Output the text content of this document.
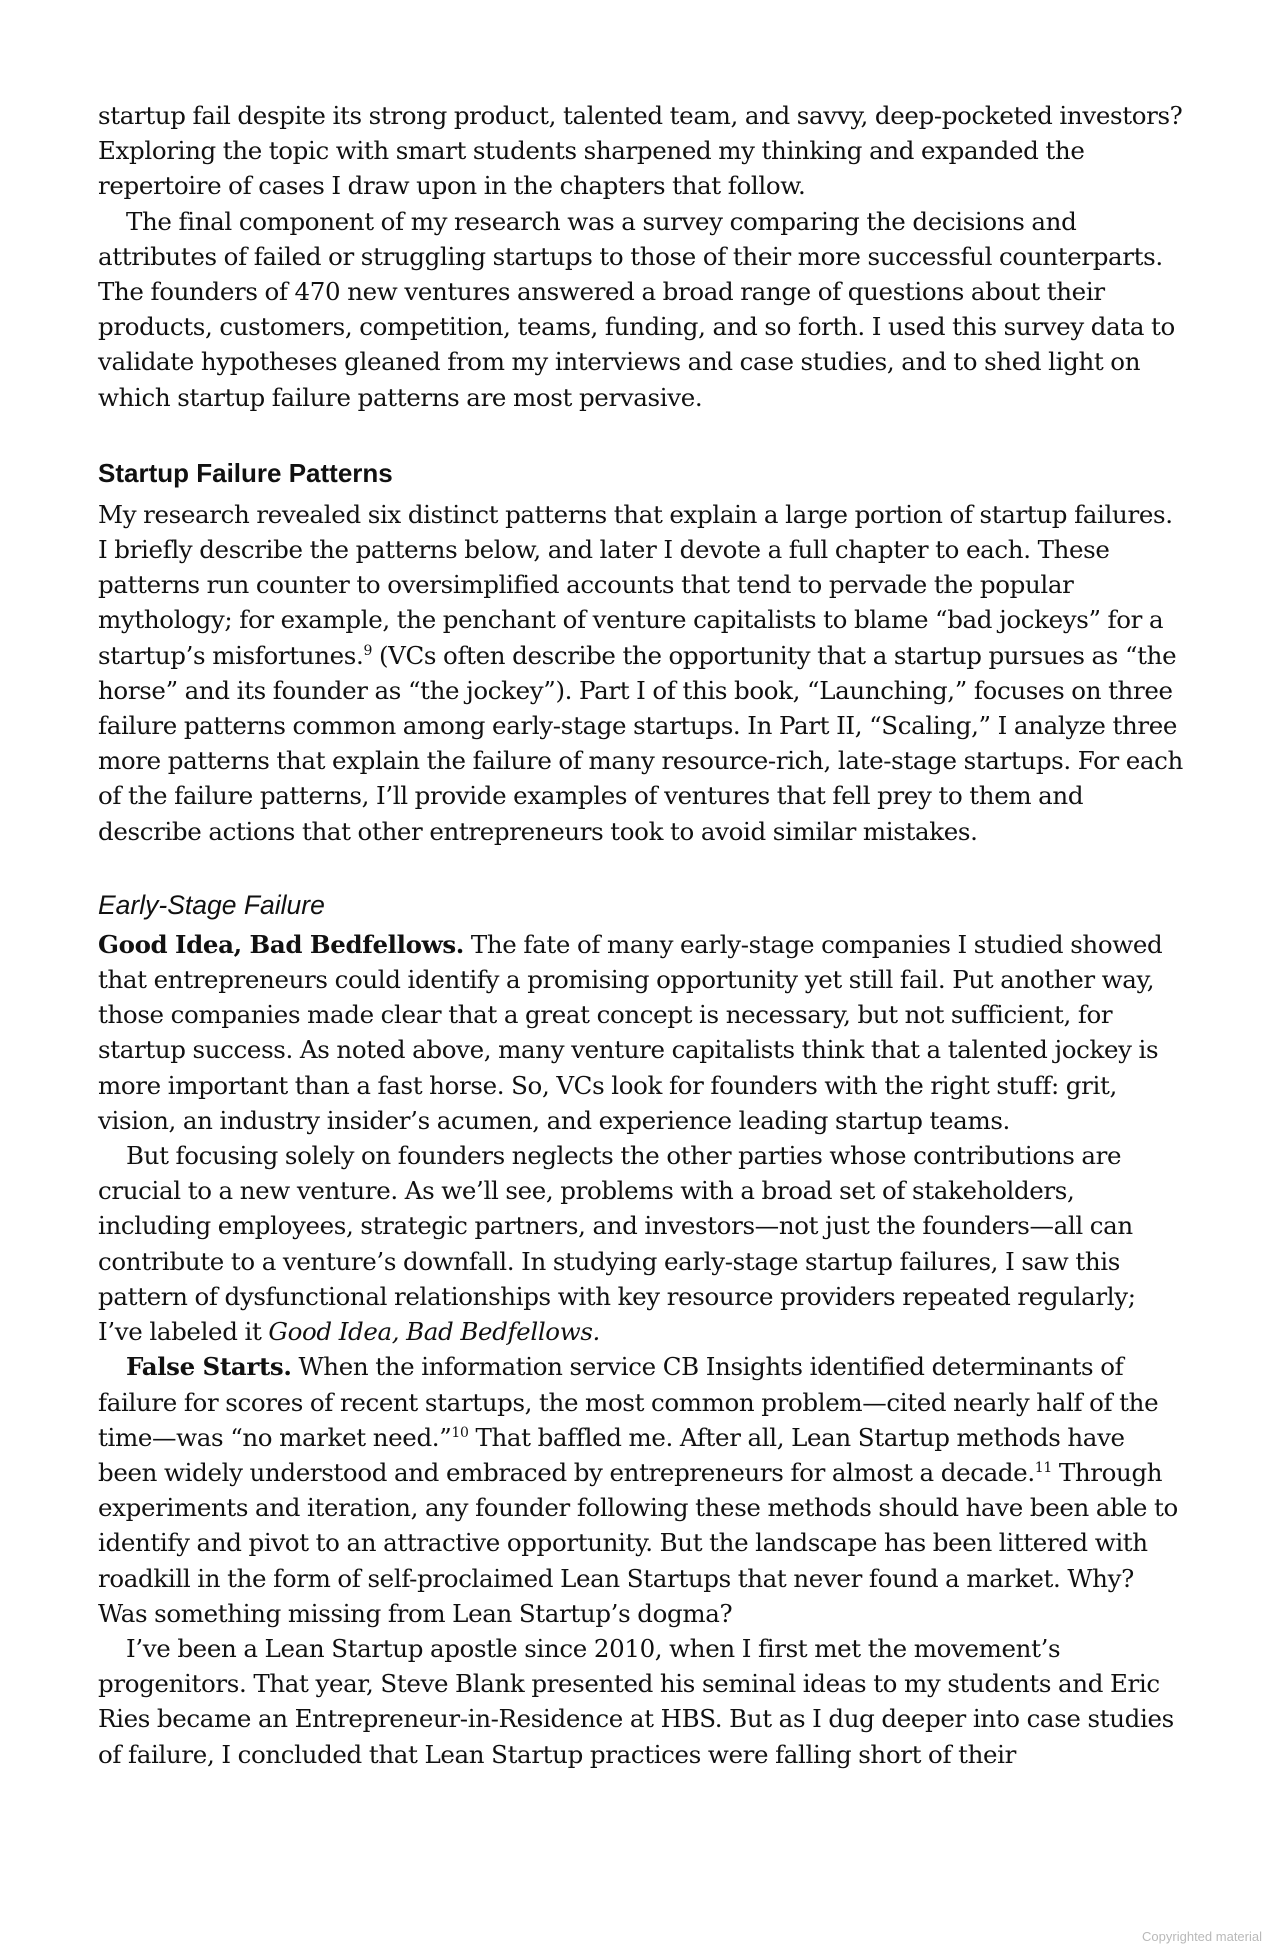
startup fail despite its strong product, talented team, and savvy, deep-pocketed investors? Exploring the topic with smart students sharpened my thinking and expanded the repertoire of cases I draw upon in the chapters that follow.

The final component of my research was a survey comparing the decisions and attributes of failed or struggling startups to those of their more successful counterparts. The founders of 470 new ventures answered a broad range of questions about their products, customers, competition, teams, funding, and so forth. I used this survey data to validate hypotheses gleaned from my interviews and case studies, and to shed light on which startup failure patterns are most pervasive.

Startup Failure Patterns

My research revealed six distinct patterns that explain a large portion of startup failures. I briefly describe the patterns below, and later I devote a full chapter to each. These patterns run counter to oversimplified accounts that tend to pervade the popular mythology; for example, the penchant of venture capitalists to blame “bad jockeys” for a startup’s misfortunes.$^9$ (VCs often describe the opportunity that a startup pursues as “the horse” and its founder as “the jockey”). Part I of this book, “Launching,” focuses on three failure patterns common among early-stage startups. In Part II, “Scaling,” I analyze three more patterns that explain the failure of many resource-rich, late-stage startups. For each of the failure patterns, I’ll provide examples of ventures that fell prey to them and describe actions that other entrepreneurs took to avoid similar mistakes.

Early-Stage Failure

Good Idea, Bad Bedfellows. The fate of many early-stage companies I studied showed that entrepreneurs could identify a promising opportunity yet still fail. Put another way, those companies made clear that a great concept is necessary, but not sufficient, for startup success. As noted above, many venture capitalists think that a talented jockey is more important than a fast horse. So, VCs look for founders with the right stuff: grit, vision, an industry insider’s acumen, and experience leading startup teams.

But focusing solely on founders neglects the other parties whose contributions are crucial to a new venture. As we’ll see, problems with a broad set of stakeholders, including employees, strategic partners, and investors—not just the founders—all can contribute to a venture’s downfall. In studying early-stage startup failures, I saw this pattern of dysfunctional relationships with key resource providers repeated regularly; I’ve labeled it Good Idea, Bad Bedfellows.

False Starts. When the information service CB Insights identified determinants of failure for scores of recent startups, the most common problem—cited nearly half of the time—was “no market need.”$^{10}$ That baffled me. After all, Lean Startup methods have been widely understood and embraced by entrepreneurs for almost a decade.$^{11}$ Through experiments and iteration, any founder following these methods should have been able to identify and pivot to an attractive opportunity. But the landscape has been littered with roadkill in the form of self-proclaimed Lean Startups that never found a market. Why? Was something missing from Lean Startup’s dogma?

I’ve been a Lean Startup apostle since 2010, when I first met the movement’s progenitors. That year, Steve Blank presented his seminal ideas to my students and Eric Ries became an Entrepreneur-in-Residence at HBS. But as I dug deeper into case studies of failure, I concluded that Lean Startup practices were falling short of their

Copyrighted material
